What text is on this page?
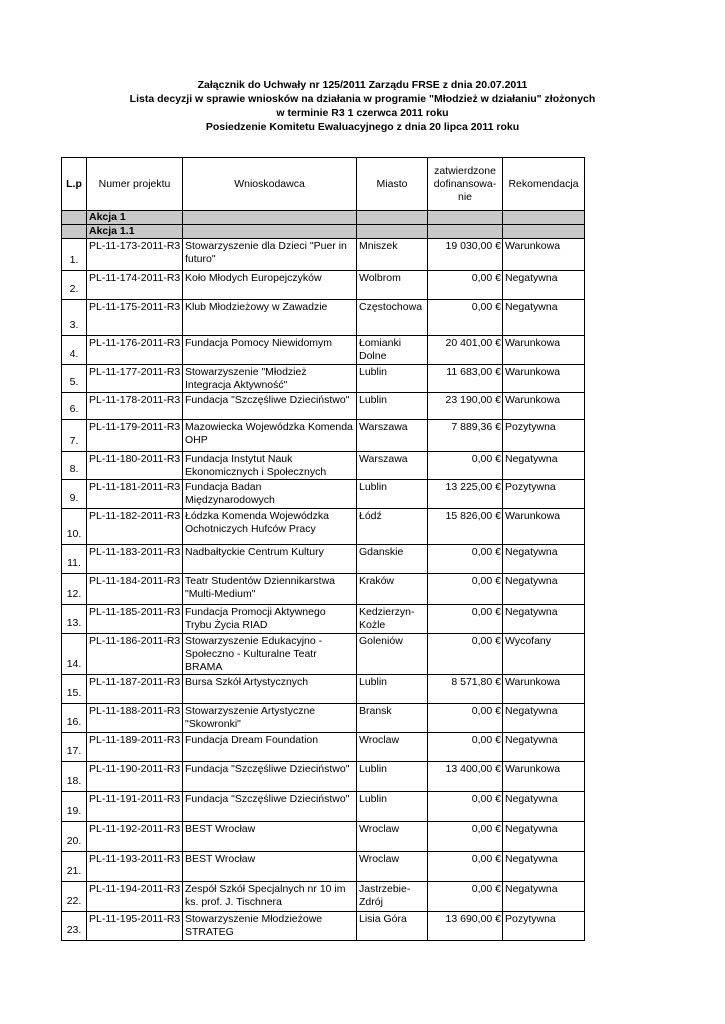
Załącznik do Uchwały nr 125/2011 Zarządu FRSE z dnia 20.07.2011
Lista decyzji w sprawie wniosków na działania w programie "Młodzież w działaniu" złożonych
w terminie R3 1 czerwca 2011 roku
Posiedzenie Komitetu Ewaluacyjnego z dnia 20 lipca 2011 roku
L.p	Numer projektu	Wnioskodawca	Miasto	zatwierdzone dofinansowa-nie	Rekomendacja
	Akcja 1				
	Akcja 1.1				
1.	PL-11-173-2011-R3	Stowarzyszenie dla Dzieci "Puer in futuro"	Mniszek	19 030,00 €	Warunkowa
2.	PL-11-174-2011-R3	Koło Młodych Europejczyków	Wolbrom	0,00 €	Negatywna
3.	PL-11-175-2011-R3	Klub Młodzieżowy w Zawadzie	Częstochowa	0,00 €	Negatywna
4.	PL-11-176-2011-R3	Fundacja Pomocy Niewidomym	Łomianki Dolne	20 401,00 €	Warunkowa
5.	PL-11-177-2011-R3	Stowarzyszenie "Młodzież Integracja Aktywność"	Lublin	11 683,00 €	Warunkowa
6.	PL-11-178-2011-R3	Fundacja "Szczęśliwe Dzieciństwo"	Lublin	23 190,00 €	Warunkowa
7.	PL-11-179-2011-R3	Mazowiecka Wojewódzka Komenda OHP	Warszawa	7 889,36 €	Pozytywna
8.	PL-11-180-2011-R3	Fundacja Instytut Nauk Ekonomicznych i Społecznych	Warszawa	0,00 €	Negatywna
9.	PL-11-181-2011-R3	Fundacja Badan Międzynarodowych	Lublin	13 225,00 €	Pozytywna
10.	PL-11-182-2011-R3	Łódzka Komenda Wojewódzka Ochotniczych Hufców Pracy	Łódź	15 826,00 €	Warunkowa
11.	PL-11-183-2011-R3	Nadbałtyckie Centrum Kultury	Gdanskie	0,00 €	Negatywna
12.	PL-11-184-2011-R3	Teatr Studentów Dziennikarstwa "Multi-Medium"	Kraków	0,00 €	Negatywna
13.	PL-11-185-2011-R3	Fundacja Promocji Aktywnego Trybu Życia RIAD	Kedzierzyn-Kożle	0,00 €	Negatywna
14.	PL-11-186-2011-R3	Stowarzyszenie Edukacyjno - Społeczno - Kulturalne Teatr BRAMA	Goleniów	0,00 €	Wycofany
15.	PL-11-187-2011-R3	Bursa Szkół Artystycznych	Lublin	8 571,80 €	Warunkowa
16.	PL-11-188-2011-R3	Stowarzyszenie Artystyczne "Skowronki"	Bransk	0,00 €	Negatywna
17.	PL-11-189-2011-R3	Fundacja Dream Foundation	Wroclaw	0,00 €	Negatywna
18.	PL-11-190-2011-R3	Fundacja "Szczęśliwe Dzieciństwo"	Lublin	13 400,00 €	Warunkowa
19.	PL-11-191-2011-R3	Fundacja "Szczęśliwe Dzieciństwo"	Lublin	0,00 €	Negatywna
20.	PL-11-192-2011-R3	BEST Wrocław	Wroclaw	0,00 €	Negatywna
21.	PL-11-193-2011-R3	BEST Wrocław	Wroclaw	0,00 €	Negatywna
22.	PL-11-194-2011-R3	Zespół Szkół Specjalnych nr 10 im ks. prof. J. Tischnera	Jastrzebie-Zdrój	0,00 €	Negatywna
23.	PL-11-195-2011-R3	Stowarzyszenie Młodzieżowe STRATEG	Lisia Góra	13 690,00 €	Pozytywna
